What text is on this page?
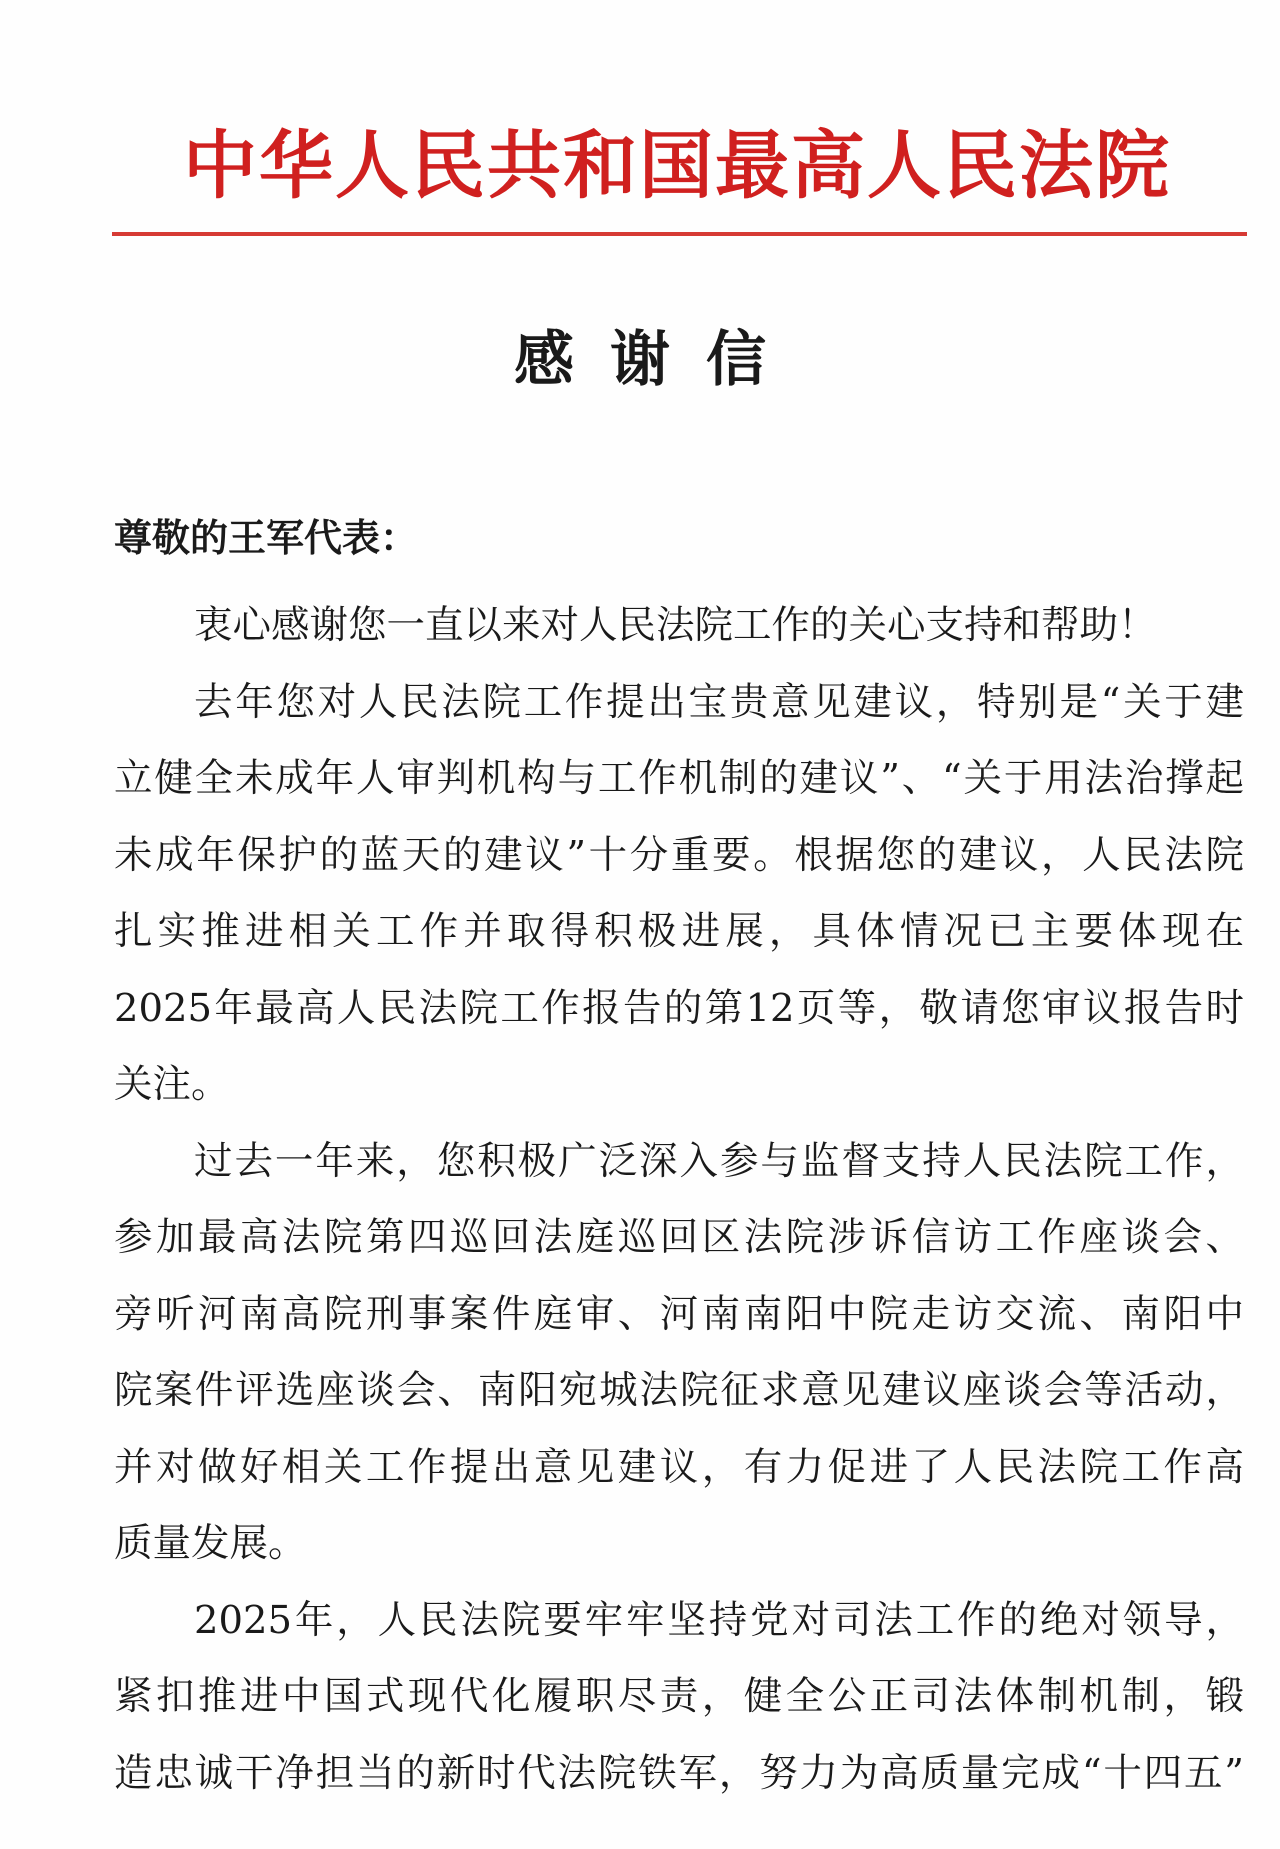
中华人民共和国最高人民法院
感谢信
尊敬的王军代表：
衷心感谢您一直以来对人民法院工作的关心支持和帮助！
去年您对人民法院工作提出宝贵意见建议，特别是“关于建
立健全未成年人审判机构与工作机制的建议”、“关于用法治撑起
未成年保护的蓝天的建议”十分重要。根据您的建议，人民法院
扎实推进相关工作并取得积极进展，具体情况已主要体现在
2025年最高人民法院工作报告的第12页等，敬请您审议报告时
关注。
过去一年来，您积极广泛深入参与监督支持人民法院工作，
参加最高法院第四巡回法庭巡回区法院涉诉信访工作座谈会、
旁听河南高院刑事案件庭审、河南南阳中院走访交流、南阳中
院案件评选座谈会、南阳宛城法院征求意见建议座谈会等活动，
并对做好相关工作提出意见建议，有力促进了人民法院工作高
质量发展。
2025年，人民法院要牢牢坚持党对司法工作的绝对领导，
紧扣推进中国式现代化履职尽责，健全公正司法体制机制，锻
造忠诚干净担当的新时代法院铁军，努力为高质量完成“十四五”
